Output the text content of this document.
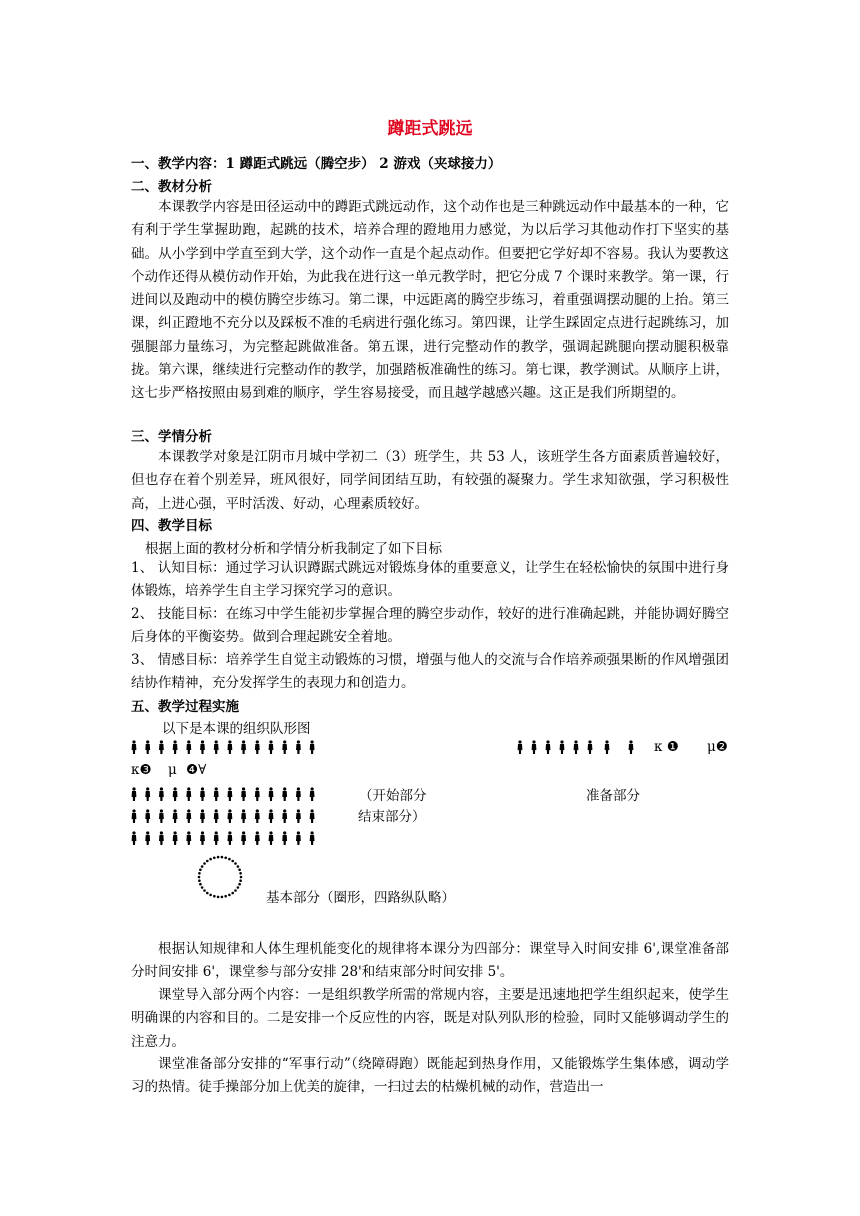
蹲距式跳远
一、教学内容：1 蹲距式跳远（腾空步） 2 游戏（夹球接力）
二、教材分析
本课教学内容是田径运动中的蹲距式跳远动作，这个动作也是三种跳远动作中最基本的一种，它有利于学生掌握助跑，起跳的技术，培养合理的蹬地用力感觉，为以后学习其他动作打下坚实的基础。从小学到中学直至到大学，这个动作一直是个起点动作。但要把它学好却不容易。我认为要教这个动作还得从模仿动作开始，为此我在进行这一单元教学时，把它分成 7 个课时来教学。第一课，行进间以及跑动中的模仿腾空步练习。第二课，中远距离的腾空步练习，着重强调摆动腿的上抬。第三课，纠正蹬地不充分以及踩板不准的毛病进行强化练习。第四课，让学生踩固定点进行起跳练习，加强腿部力量练习，为完整起跳做准备。第五课，进行完整动作的教学，强调起跳腿向摆动腿积极靠拢。第六课，继续进行完整动作的教学，加强踏板准确性的练习。第七课，教学测试。从顺序上讲，这七步严格按照由易到难的顺序，学生容易接受，而且越学越感兴趣。这正是我们所期望的。
三、学情分析
本课教学对象是江阴市月城中学初二（3）班学生，共 53 人，该班学生各方面素质普遍较好，但也存在着个别差异，班风很好，同学间团结互助，有较强的凝聚力。学生求知欲强，学习积极性高，上进心强，平时活泼、好动，心理素质较好。
四、教学目标
根据上面的教材分析和学情分析我制定了如下目标
1、 认知目标：通过学习认识蹲踞式跳远对锻炼身体的重要意义，让学生在轻松愉快的氛围中进行身体锻炼，培养学生自主学习探究学习的意识。
2、 技能目标：在练习中学生能初步掌握合理的腾空步动作，较好的进行准确起跳，并能协调好腾空后身体的平衡姿势。做到合理起跳安全着地。
3、 情感目标：培养学生自觉主动锻炼的习惯，增强与他人的交流与合作培养顽强果断的作风增强团结协作精神，充分发挥学生的表现力和创造力。
五、教学过程实施
以下是本课的组织队形图
κ ❶ μ❷
κ❸ μ ❹∀
（开始部分	准备部分
结束部分）
基本部分（圈形，四路纵队略）
根据认知规律和人体生理机能变化的规律将本课分为四部分：课堂导入时间安排 6',课堂准备部分时间安排 6'，课堂参与部分安排 28'和结束部分时间安排 5'。
课堂导入部分两个内容：一是组织教学所需的常规内容，主要是迅速地把学生组织起来，使学生明确课的内容和目的。二是安排一个反应性的内容，既是对队列队形的检验，同时又能够调动学生的注意力。
课堂准备部分安排的“军事行动”（绕障碍跑）既能起到热身作用，又能锻炼学生集体感，调动学习的热情。徒手操部分加上优美的旋律，一扫过去的枯燥机械的动作，营造出一
